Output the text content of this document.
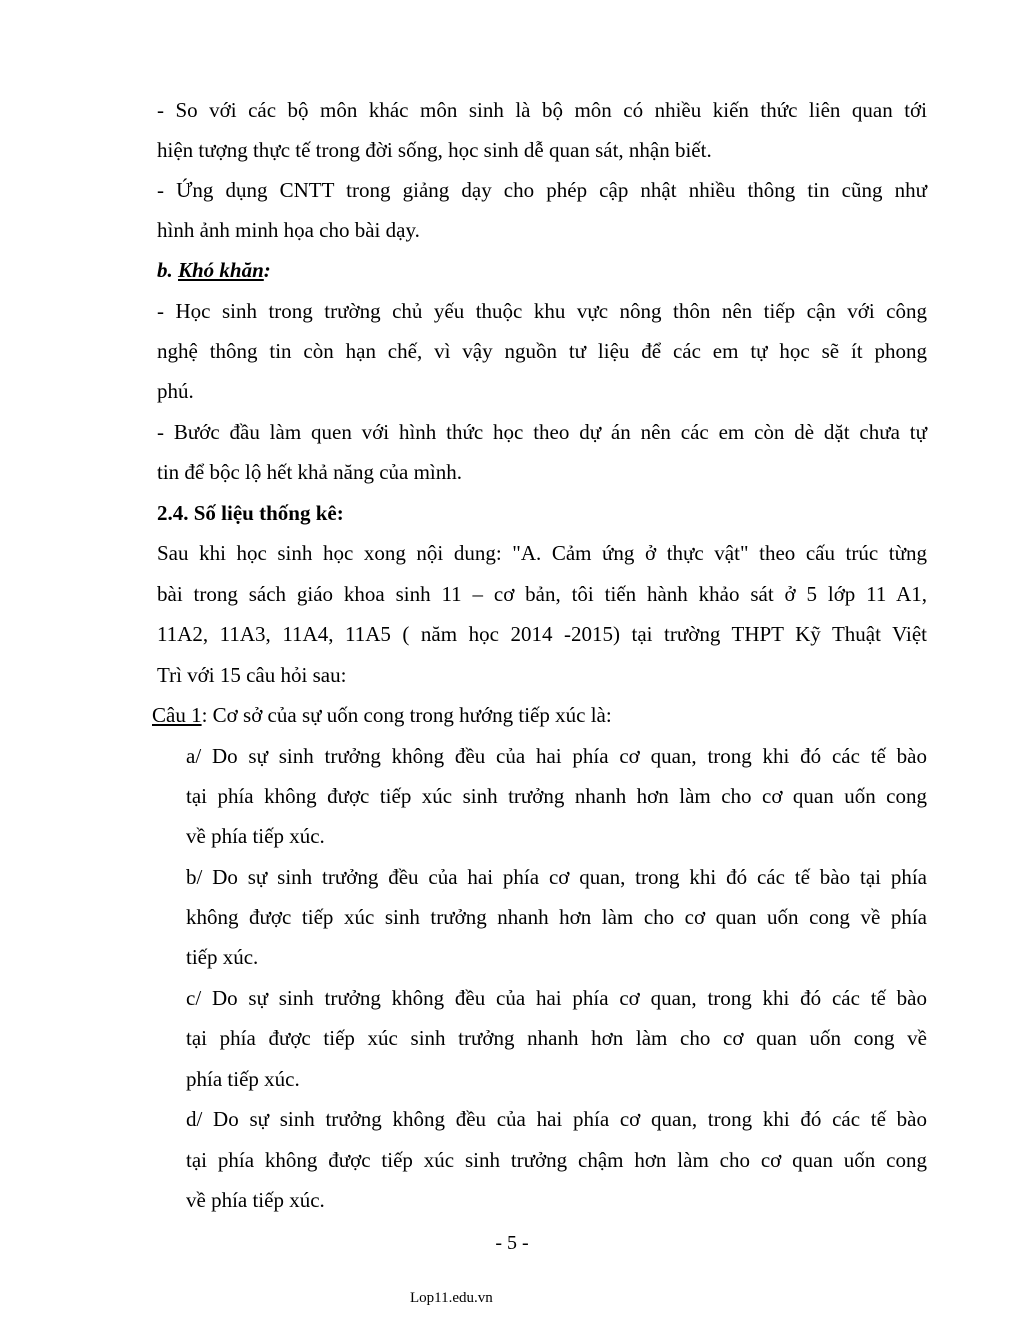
- So với các bộ môn khác môn sinh là bộ môn có nhiều kiến thức liên quan tới
hiện tượng thực tế trong đời sống, học sinh dễ quan sát, nhận biết.
- Ứng dụng CNTT trong giảng dạy cho phép cập nhật nhiều thông tin cũng như
hình ảnh minh họa cho bài dạy.
b. Khó khăn:
- Học sinh trong trường chủ yếu thuộc khu vực nông thôn nên tiếp cận với công
nghệ thông tin còn hạn chế, vì vậy nguồn tư liệu để các em tự học sẽ ít phong
phú.
- Bước đầu làm quen với hình thức học theo dự án nên các em còn dè dặt chưa tự
tin để bộc lộ hết khả năng của mình.
2.4. Số liệu thống kê:
Sau khi học sinh học xong nội dung: "A. Cảm ứng ở thực vật" theo cấu trúc từng
bài trong sách giáo khoa sinh 11 – cơ bản, tôi tiến hành khảo sát ở 5 lớp 11 A1,
11A2, 11A3, 11A4, 11A5 ( năm học 2014 -2015) tại trường THPT Kỹ Thuật Việt
Trì với 15 câu hỏi sau:
Câu 1: Cơ sở của sự uốn cong trong hướng tiếp xúc là:
a/ Do sự sinh trưởng không đều của hai phía cơ quan, trong khi đó các tế bào
tại phía không được tiếp xúc sinh trưởng nhanh hơn làm cho cơ quan uốn cong
về phía tiếp xúc.
b/ Do sự sinh trưởng đều của hai phía cơ quan, trong khi đó các tế bào tại phía
không được tiếp xúc sinh trưởng nhanh hơn làm cho cơ quan uốn cong về phía
tiếp xúc.
c/ Do sự sinh trưởng không đều của hai phía cơ quan, trong khi đó các tế bào
tại phía được tiếp xúc sinh trưởng nhanh hơn làm cho cơ quan uốn cong về
phía tiếp xúc.
d/ Do sự sinh trưởng không đều của hai phía cơ quan, trong khi đó các tế bào
tại phía không được tiếp xúc sinh trưởng chậm hơn làm cho cơ quan uốn cong
về phía tiếp xúc.
- 5 -
Lop11.edu.vn
